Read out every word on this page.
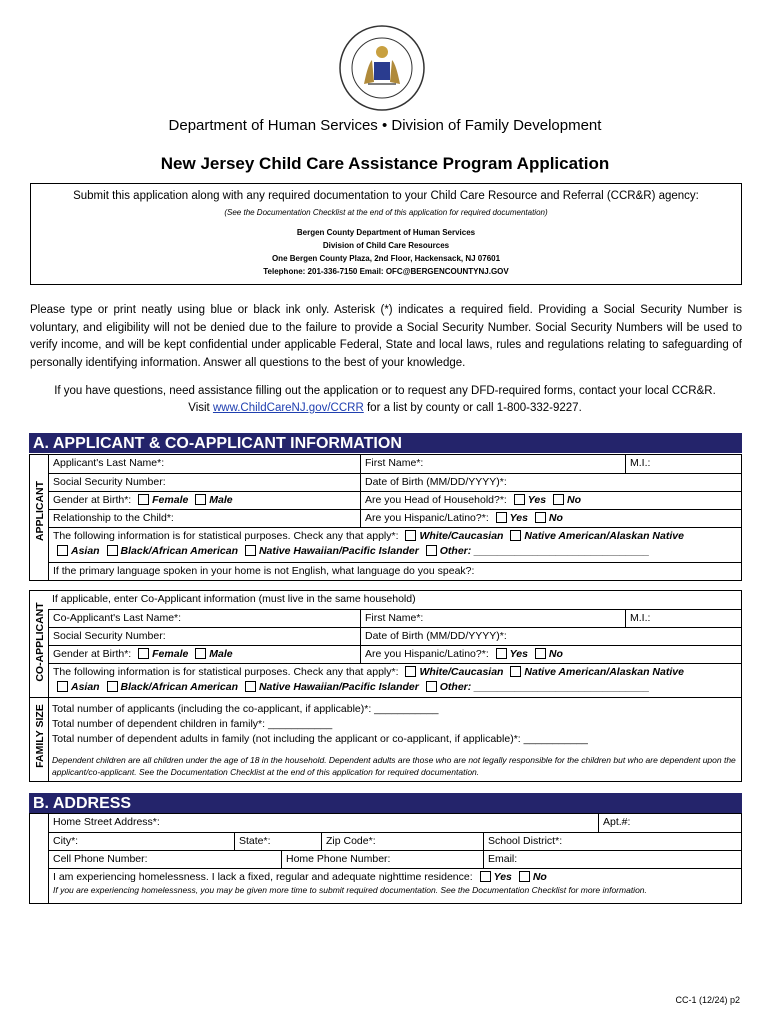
Department of Human Services • Division of Family Development
New Jersey Child Care Assistance Program Application
Submit this application along with any required documentation to your Child Care Resource and Referral (CCR&R) agency:
(See the Documentation Checklist at the end of this application for required documentation)
Bergen County Department of Human Services
Division of Child Care Resources
One Bergen County Plaza, 2nd Floor, Hackensack, NJ 07601
Telephone: 201-336-7150 Email: OFC@BERGENCOUNTYNJ.GOV
Please type or print neatly using blue or black ink only. Asterisk (*) indicates a required field. Providing a Social Security Number is voluntary, and eligibility will not be denied due to the failure to provide a Social Security Number. Social Security Numbers will be used to verify income, and will be kept confidential under applicable Federal, State and local laws, rules and regulations relating to safeguarding of personally identifying information. Answer all questions to the best of your knowledge.
If you have questions, need assistance filling out the application or to request any DFD-required forms, contact your local CCR&R.
Visit www.ChildCareNJ.gov/CCRR for a list by county or call 1-800-332-9227.
A. APPLICANT & CO-APPLICANT INFORMATION
APPLICANT
Applicant's Last Name*:	First Name*:	M.I.:
Social Security Number:	Date of Birth (MM/DD/YYYY)*:
Gender at Birth*: Female Male	Are you Head of Household?*: Yes No
Relationship to the Child*:	Are you Hispanic/Latino?*: Yes No
The following information is for statistical purposes. Check any that apply*: White/Caucasian Native American/Alaskan Native
Asian Black/African American Native Hawaiian/Pacific Islander Other: ______________________________
If the primary language spoken in your home is not English, what language do you speak?:
CO-APPLICANT
If applicable, enter Co-Applicant information (must live in the same household)
Co-Applicant's Last Name*:	First Name*:	M.I.:
Social Security Number:	Date of Birth (MM/DD/YYYY)*:
Gender at Birth*: Female Male	Are you Hispanic/Latino?*: Yes No
The following information is for statistical purposes. Check any that apply*: White/Caucasian Native American/Alaskan Native
Asian Black/African American Native Hawaiian/Pacific Islander Other: ______________________________
FAMILY SIZE Total number of applicants (including the co-applicant, if applicable)*: ___________
Total number of dependent children in family*: ___________
Total number of dependent adults in family (not including the applicant or co-applicant, if applicable)*: ___________
Dependent children are all children under the age of 18 in the household. Dependent adults are those who are not legally responsible for the children but who are dependent upon the applicant/co-applicant. See the Documentation Checklist at the end of this application for required documentation.
B. ADDRESS
Home Street Address*:	Apt.#:
City*:	State*:	Zip Code*:	School District*:
Cell Phone Number:	Home Phone Number:	Email:
I am experiencing homelessness. I lack a fixed, regular and adequate nighttime residence: Yes No
If you are experiencing homelessness, you may be given more time to submit required documentation. See the Documentation Checklist for more information.
CC-1 (12/24) p2
